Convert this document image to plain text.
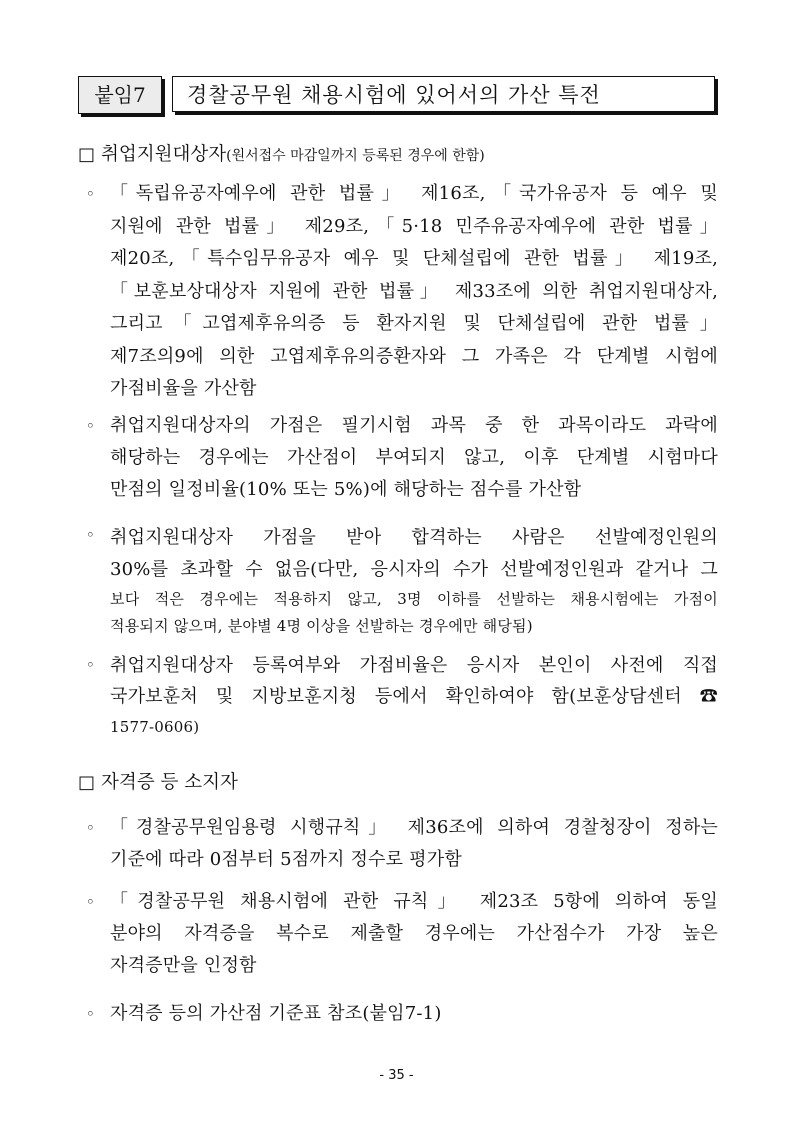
붙임7	경찰공무원 채용시험에 있어서의 가산 특전
□ 취업지원대상자(원서접수 마감일까지 등록된 경우에 한함)
◦ 「독립유공자예우에 관한 법률」 제16조,「국가유공자 등 예우 및
지원에 관한 법률」 제29조,「5·18 민주유공자예우에 관한 법률」
제20조,「특수임무유공자 예우 및 단체설립에 관한 법률」 제19조,
「보훈보상대상자 지원에 관한 법률」 제33조에 의한 취업지원대상자,
그리고「고엽제후유의증 등 환자지원 및 단체설립에 관한 법률」
제7조의9에 의한 고엽제후유의증환자와 그 가족은 각 단계별 시험에
가점비율을 가산함
◦ 취업지원대상자의 가점은 필기시험 과목 중 한 과목이라도 과락에
해당하는 경우에는 가산점이 부여되지 않고, 이후 단계별 시험마다
만점의 일정비율(10% 또는 5%)에 해당하는 점수를 가산함
◦ 취업지원대상자 가점을 받아 합격하는 사람은 선발예정인원의
30%를 초과할 수 없음(다만, 응시자의 수가 선발예정인원과 같거나 그
보다 적은 경우에는 적용하지 않고, 3명 이하를 선발하는 채용시험에는 가점이
적용되지 않으며, 분야별 4명 이상을 선발하는 경우에만 해당됨)
◦ 취업지원대상자 등록여부와 가점비율은 응시자 본인이 사전에 직접
국가보훈처 및 지방보훈지청 등에서 확인하여야 함(보훈상담센터 ☎
1577-0606)
□ 자격증 등 소지자
◦ 「경찰공무원임용령 시행규칙」 제36조에 의하여 경찰청장이 정하는
기준에 따라 0점부터 5점까지 정수로 평가함
◦ 「경찰공무원 채용시험에 관한 규칙」 제23조 5항에 의하여 동일
분야의 자격증을 복수로 제출할 경우에는 가산점수가 가장 높은
자격증만을 인정함
◦ 자격증 등의 가산점 기준표 참조(붙임7-1)
- 35 -
